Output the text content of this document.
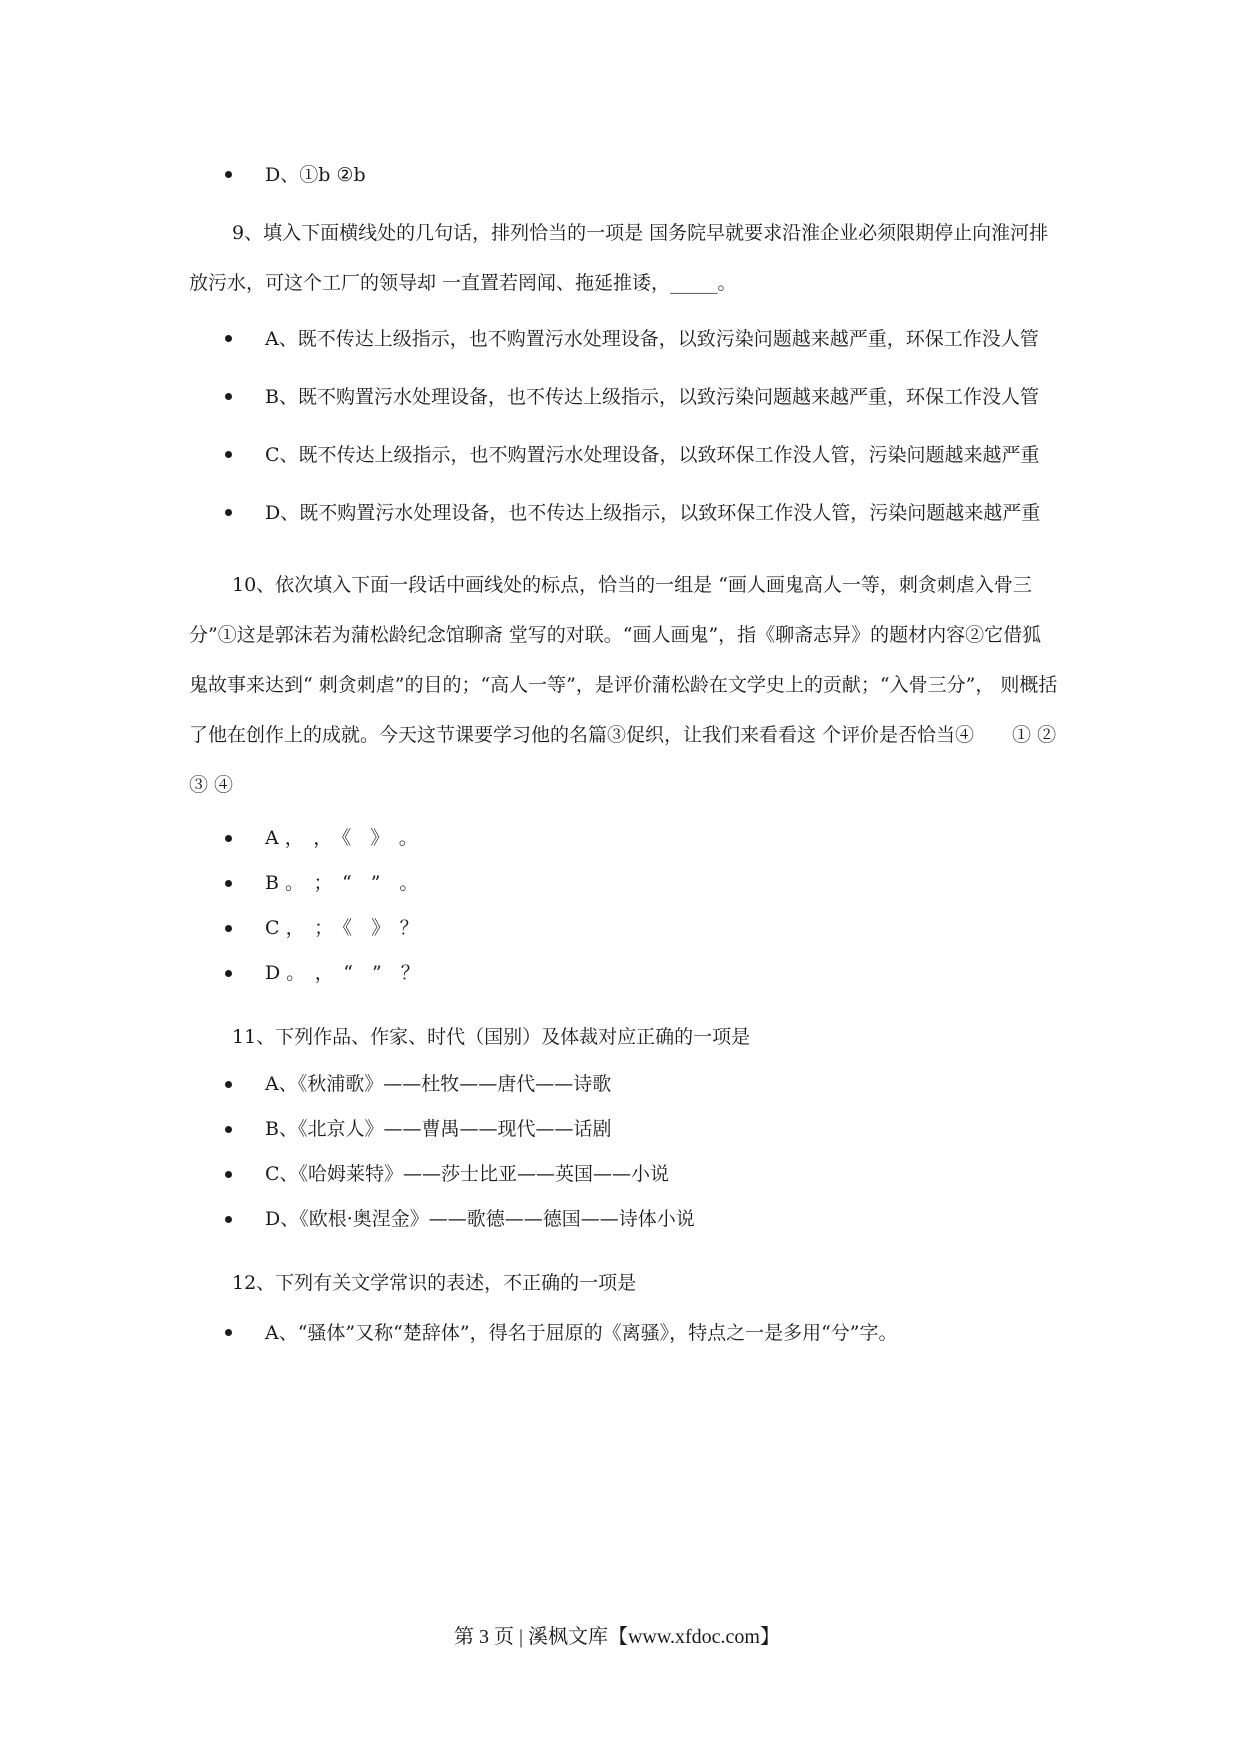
D、①b ②b

9、填入下面横线处的几句话，排列恰当的一项是 国务院早就要求沿淮企业必须限期停止向淮河排放污水，可这个工厂的领导却 一直置若罔闻、拖延推诿，_____。

A、既不传达上级指示，也不购置污水处理设备，以致污染问题越来越严重，环保工作没人管
B、既不购置污水处理设备，也不传达上级指示，以致污染问题越来越严重，环保工作没人管
C、既不传达上级指示，也不购置污水处理设备，以致环保工作没人管，污染问题越来越严重
D、既不购置污水处理设备，也不传达上级指示，以致环保工作没人管，污染问题越来越严重

10、依次填入下面一段话中画线处的标点，恰当的一组是 “画人画鬼高人一等，刺贪刺虐入骨三分”①这是郭沫若为蒲松龄纪念馆聊斋 堂写的对联。“画人画鬼”，指《聊斋志异》的题材内容②它借狐鬼故事来达到“ 刺贪刺虐”的目的；“高人一等”，是评价蒲松龄在文学史上的贡献；“入骨三分”， 则概括了他在创作上的成就。今天这节课要学习他的名篇③促织，让我们来看看这 个评价是否恰当④　　① ② ③ ④

A ，　，　《　》　。
B 。　；　“　”　。
C ，　；　《　》　？
D 。　，　“　”　？

11、下列作品、作家、时代（国别）及体裁对应正确的一项是

A、《秋浦歌》——杜牧——唐代——诗歌
B、《北京人》——曹禺——现代——话剧
C、《哈姆莱特》——莎士比亚——英国——小说
D、《欧根·奥涅金》——歌德——德国——诗体小说

12、下列有关文学常识的表述，不正确的一项是

A、“骚体”又称“楚辞体”，得名于屈原的《离骚》，特点之一是多用“兮”字。
第 3 页 | 溪枫文库【www.xfdoc.com】
